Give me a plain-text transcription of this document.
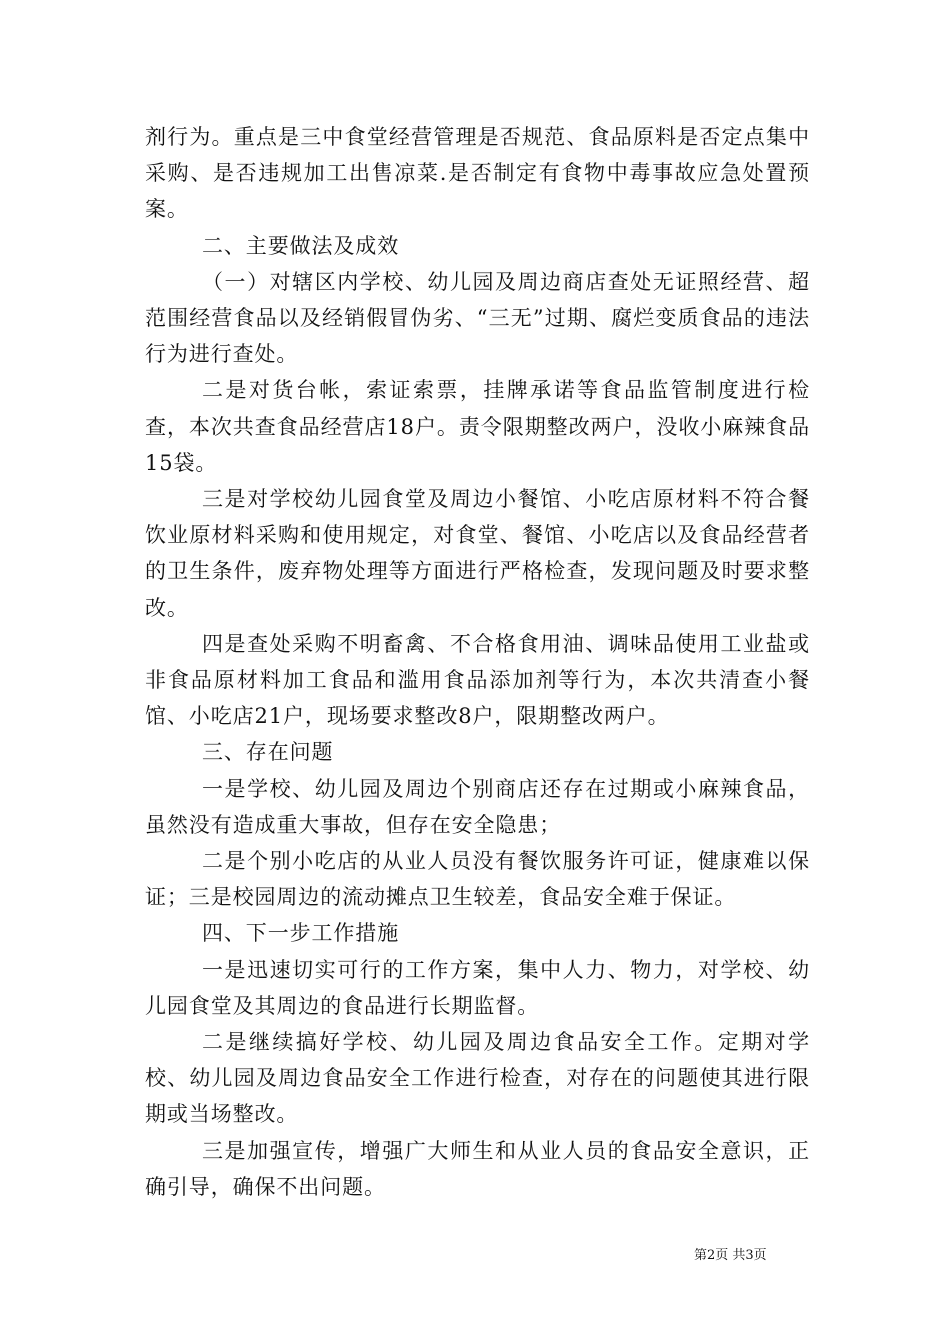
剂行为。重点是三中食堂经营管理是否规范、食品原料是否定点集中采购、是否违规加工出售凉菜.是否制定有食物中毒事故应急处置预案。

二、主要做法及成效

（一）对辖区内学校、幼儿园及周边商店查处无证照经营、超范围经营食品以及经销假冒伪劣、“三无”过期、腐烂变质食品的违法行为进行查处。

二是对货台帐，索证索票，挂牌承诺等食品监管制度进行检查，本次共查食品经营店18户。责令限期整改两户，没收小麻辣食品15袋。

三是对学校幼儿园食堂及周边小餐馆、小吃店原材料不符合餐饮业原材料采购和使用规定，对食堂、餐馆、小吃店以及食品经营者的卫生条件，废弃物处理等方面进行严格检查，发现问题及时要求整改。

四是查处采购不明畜禽、不合格食用油、调味品使用工业盐或非食品原材料加工食品和滥用食品添加剂等行为，本次共清查小餐馆、小吃店21户，现场要求整改8户，限期整改两户。

三、存在问题

一是学校、幼儿园及周边个别商店还存在过期或小麻辣食品，虽然没有造成重大事故，但存在安全隐患；

二是个别小吃店的从业人员没有餐饮服务许可证，健康难以保证；三是校园周边的流动摊点卫生较差，食品安全难于保证。

四、下一步工作措施

一是迅速切实可行的工作方案，集中人力、物力，对学校、幼儿园食堂及其周边的食品进行长期监督。

二是继续搞好学校、幼儿园及周边食品安全工作。定期对学校、幼儿园及周边食品安全工作进行检查，对存在的问题使其进行限期或当场整改。

三是加强宣传，增强广大师生和从业人员的食品安全意识，正确引导，确保不出问题。

第2页 共3页
